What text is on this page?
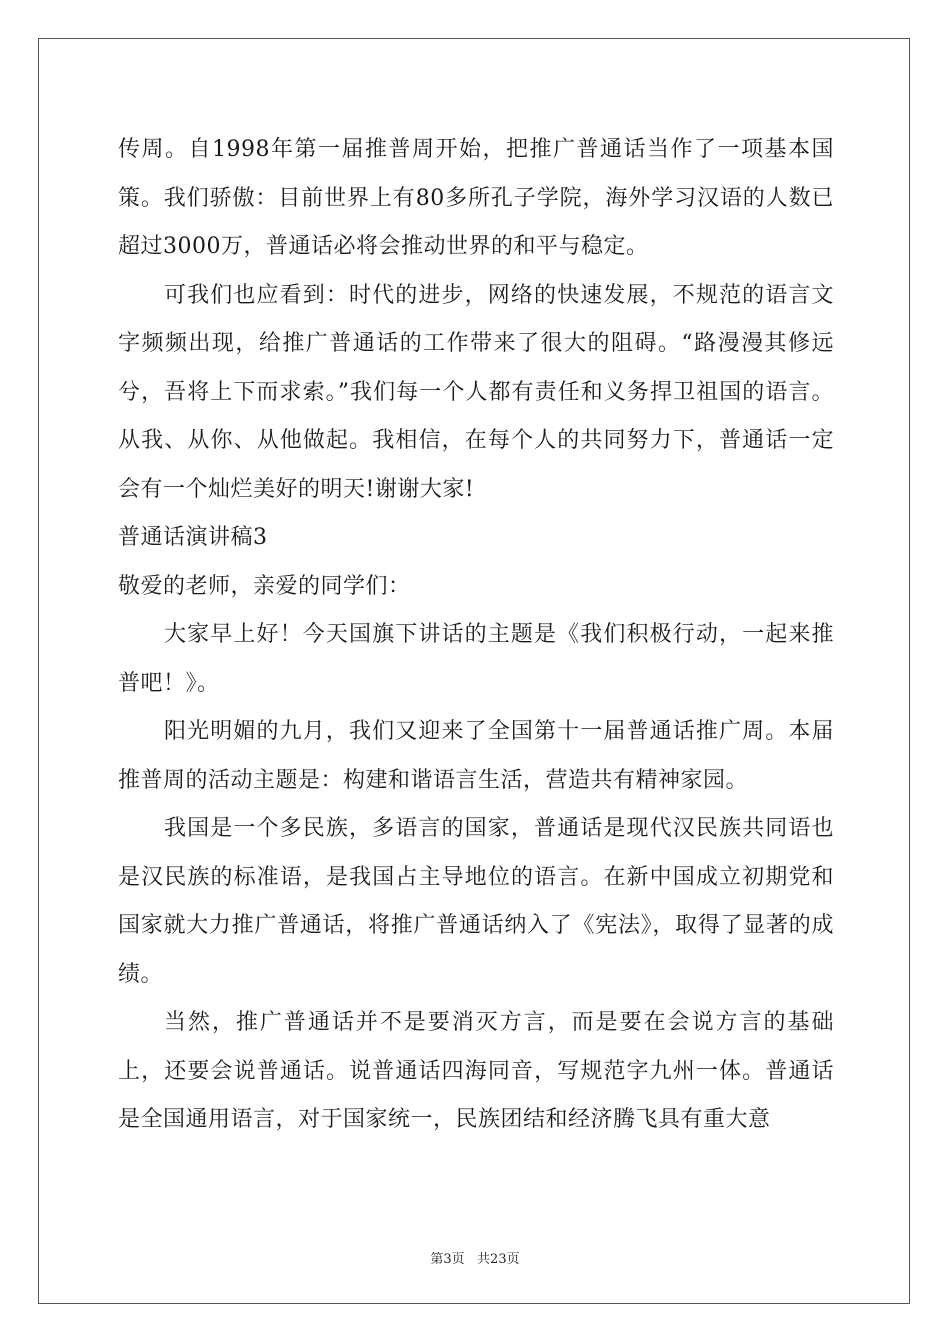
传周。自1998年第一届推普周开始，把推广普通话当作了一项基本国策。我们骄傲：目前世界上有80多所孔子学院，海外学习汉语的人数已超过3000万，普通话必将会推动世界的和平与稳定。

可我们也应看到：时代的进步，网络的快速发展，不规范的语言文字频频出现，给推广普通话的工作带来了很大的阻碍。“路漫漫其修远兮，吾将上下而求索。”我们每一个人都有责任和义务捍卫祖国的语言。从我、从你、从他做起。我相信，在每个人的共同努力下，普通话一定会有一个灿烂美好的明天!谢谢大家!

普通话演讲稿3

敬爱的老师，亲爱的同学们：

大家早上好！今天国旗下讲话的主题是《我们积极行动，一起来推普吧！》。

阳光明媚的九月，我们又迎来了全国第十一届普通话推广周。本届推普周的活动主题是：构建和谐语言生活，营造共有精神家园。

我国是一个多民族，多语言的国家，普通话是现代汉民族共同语也是汉民族的标准语，是我国占主导地位的语言。在新中国成立初期党和国家就大力推广普通话，将推广普通话纳入了《宪法》，取得了显著的成绩。

当然，推广普通话并不是要消灭方言，而是要在会说方言的基础上，还要会说普通话。说普通话四海同音，写规范字九州一体。普通话是全国通用语言，对于国家统一，民族团结和经济腾飞具有重大意

第3页   共23页
